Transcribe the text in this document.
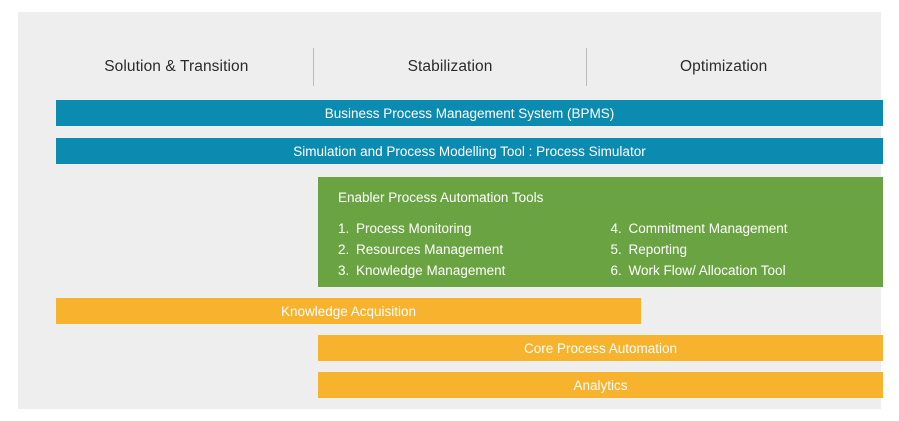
Solution & Transition	Stabilization	Optimization
Business Process Management System (BPMS)
Simulation and Process Modelling Tool : Process Simulator
Enabler Process Automation Tools
1. Process Monitoring
2. Resources Management
3. Knowledge Management
4. Commitment Management
5. Reporting
6. Work Flow/ Allocation Tool
Knowledge Acquisition
Core Process Automation
Analytics
